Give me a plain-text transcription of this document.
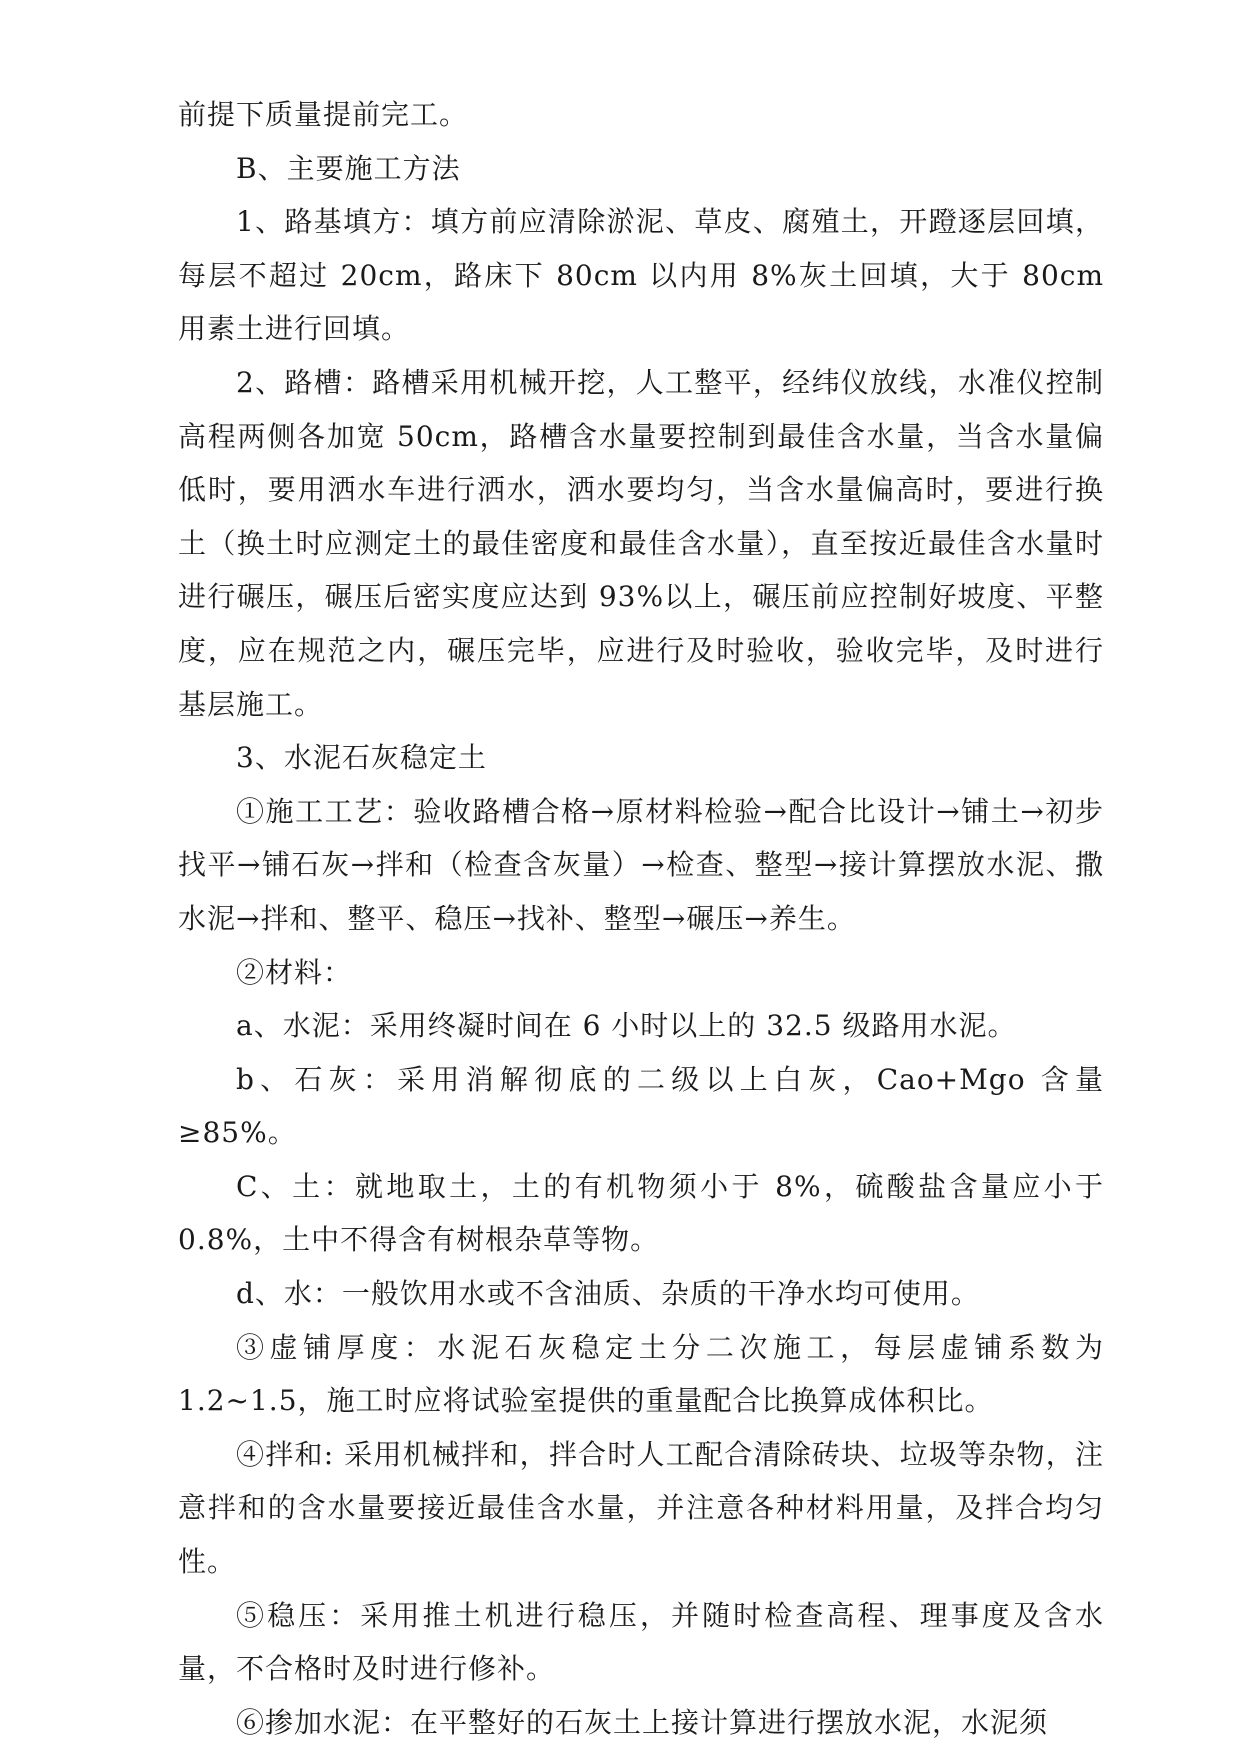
前提下质量提前完工。

B、主要施工方法

1、路基填方：填方前应清除淤泥、草皮、腐殖土，开蹬逐层回填，每层不超过 20cm，路床下 80cm 以内用 8%灰土回填，大于 80cm 用素土进行回填。

2、路槽：路槽采用机械开挖，人工整平，经纬仪放线，水准仪控制高程两侧各加宽 50cm，路槽含水量要控制到最佳含水量，当含水量偏低时，要用洒水车进行洒水，洒水要均匀，当含水量偏高时，要进行换土（换土时应测定土的最佳密度和最佳含水量），直至按近最佳含水量时进行碾压，碾压后密实度应达到 93%以上，碾压前应控制好坡度、平整度，应在规范之内，碾压完毕，应进行及时验收，验收完毕，及时进行基层施工。

3、水泥石灰稳定土

①施工工艺：验收路槽合格→原材料检验→配合比设计→铺土→初步找平→铺石灰→拌和（检查含灰量）→检查、整型→接计算摆放水泥、撒水泥→拌和、整平、稳压→找补、整型→碾压→养生。

②材料：

a、水泥：采用终凝时间在 6 小时以上的 32.5 级路用水泥。

b、石灰：采用消解彻底的二级以上白灰，Cao+Mgo 含量≥85%。

C、土：就地取土，土的有机物须小于 8%，硫酸盐含量应小于 0.8%，土中不得含有树根杂草等物。

d、水：一般饮用水或不含油质、杂质的干净水均可使用。

③虚铺厚度：水泥石灰稳定土分二次施工，每层虚铺系数为 1.2~1.5，施工时应将试验室提供的重量配合比换算成体积比。

④拌和: 采用机械拌和，拌合时人工配合清除砖块、垃圾等杂物，注意拌和的含水量要接近最佳含水量，并注意各种材料用量，及拌合均匀性。

⑤稳压：采用推土机进行稳压，并随时检查高程、理事度及含水量，不合格时及时进行修补。

⑥掺加水泥：在平整好的石灰土上接计算进行摆放水泥，水泥须
